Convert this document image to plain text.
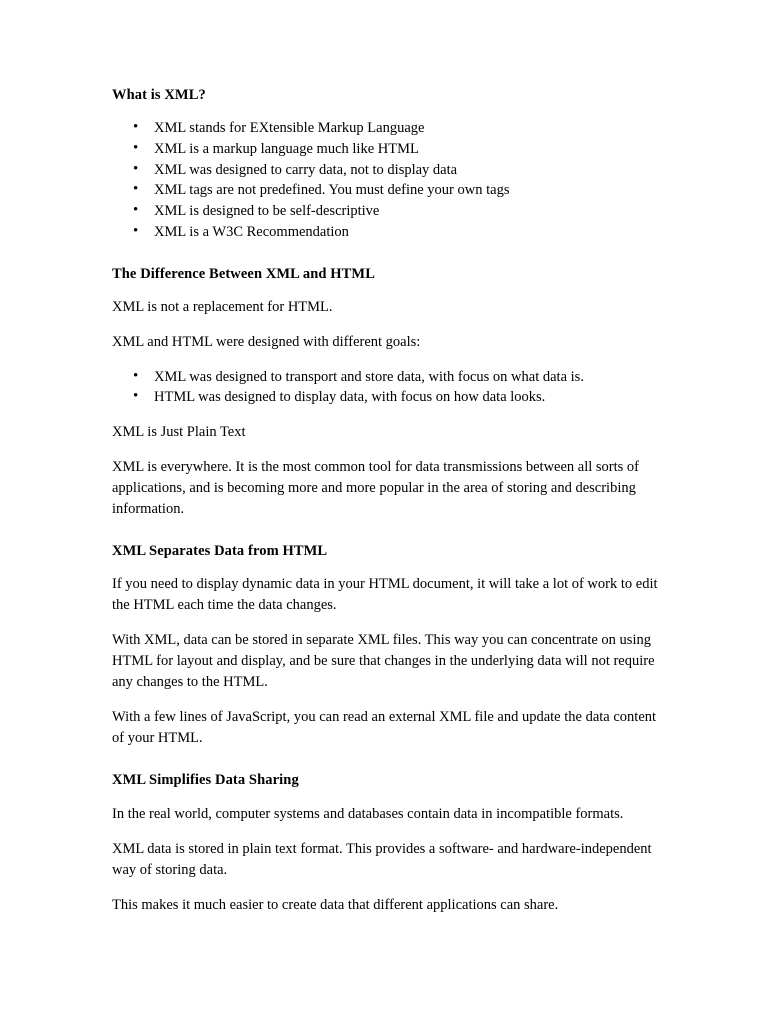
What is XML?
• XML stands for EXtensible Markup Language
• XML is a markup language much like HTML
• XML was designed to carry data, not to display data
• XML tags are not predefined. You must define your own tags
• XML is designed to be self-descriptive
• XML is a W3C Recommendation
The Difference Between XML and HTML

XML is not a replacement for HTML.

XML and HTML were designed with different goals:

• XML was designed to transport and store data, with focus on what data is.
• HTML was designed to display data, with focus on how data looks.

XML is Just Plain Text

XML is everywhere. It is the most common tool for data transmissions between all sorts of applications, and is becoming more and more popular in the area of storing and describing information.

XML Separates Data from HTML

If you need to display dynamic data in your HTML document, it will take a lot of work to edit the HTML each time the data changes.

With XML, data can be stored in separate XML files. This way you can concentrate on using HTML for layout and display, and be sure that changes in the underlying data will not require any changes to the HTML.

With a few lines of JavaScript, you can read an external XML file and update the data content of your HTML.

XML Simplifies Data Sharing

In the real world, computer systems and databases contain data in incompatible formats.

XML data is stored in plain text format. This provides a software- and hardware-independent way of storing data.

This makes it much easier to create data that different applications can share.
